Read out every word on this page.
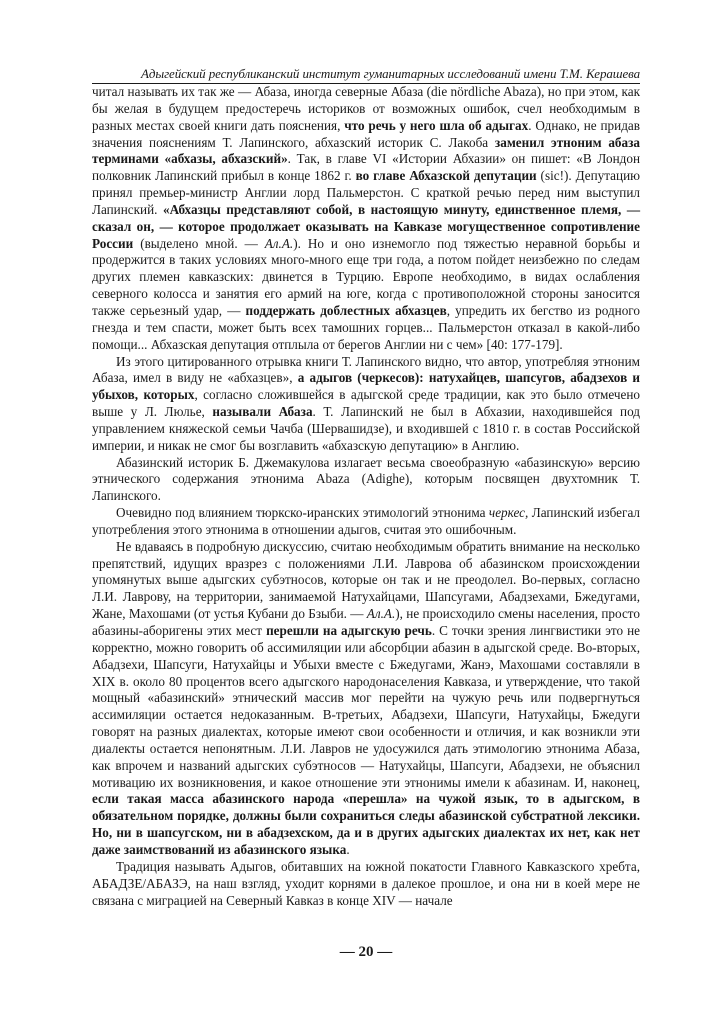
Адыгейский республиканский институт гуманитарных исследований имени Т.М. Керашева

читал называть их так же — Абаза, иногда северные Абаза (die nördliche Abaza), но при этом, как бы желая в будущем предостеречь историков от возможных ошибок, счел необходимым в разных местах своей книги дать пояснения, что речь у него шла об адыгах. Однако, не придав значения пояснениям Т. Лапинского, абхазский историк С. Лакоба заменил этноним абаза терминами «абхазы, абхазский». Так, в главе VI «Истории Абхазии» он пишет: «В Лондон полковник Лапинский прибыл в конце 1862 г. во главе Абхазской депутации (sic!). Депутацию принял премьер-министр Англии лорд Пальмерстон. С краткой речью перед ним выступил Лапинский. «Абхазцы представляют собой, в настоящую минуту, единственное племя, — сказал он, — которое продолжает оказывать на Кавказе могущественное сопротивление России (выделено мной. — Ал.А.). Но и оно изнемогло под тяжестью неравной борьбы и продержится в таких условиях много-много еще три года, а потом пойдет неизбежно по следам других племен кавказских: двинется в Турцию. Европе необходимо, в видах ослабления северного колосса и занятия его армий на юге, когда с противоположной стороны заносится также серьезный удар, — поддержать доблестных абхазцев, упредить их бегство из родного гнезда и тем спасти, может быть всех тамошних горцев... Пальмерстон отказал в какой-либо помощи... Абхазская депутация отплыла от берегов Англии ни с чем» [40: 177-179].

Из этого цитированного отрывка книги Т. Лапинского видно, что автор, употребляя этноним Абаза, имел в виду не «абхазцев», а адыгов (черкесов): натухайцев, шапсугов, абадзехов и убыхов, которых, согласно сложившейся в адыгской среде традиции, как это было отмечено выше у Л. Люлье, называли Абаза. Т. Лапинский не был в Абхазии, находившейся под управлением княжеской семьи Чачба (Шервашидзе), и входившей с 1810 г. в состав Российской империи, и никак не смог бы возглавить «абхазскую депутацию» в Англию.

Абазинский историк Б. Джемакулова излагает весьма своеобразную «абазинскую» версию этнического содержания этнонима Abaza (Adighe), которым посвящен двухтомник Т. Лапинского.

Очевидно под влиянием тюркско-иранских этимологий этнонима черкес, Лапинский избегал употребления этого этнонима в отношении адыгов, считая это ошибочным.

Не вдаваясь в подробную дискуссию, считаю необходимым обратить внимание на несколько препятствий, идущих вразрез с положениями Л.И. Лаврова об абазинском происхождении упомянутых выше адыгских субэтносов, которые он так и не преодолел. Во-первых, согласно Л.И. Лаврову, на территории, занимаемой Натухайцами, Шапсугами, Абадзехами, Бжедугами, Жане, Махошами (от устья Кубани до Бзыби. — Ал.А.), не происходило смены населения, просто абазины-аборигены этих мест перешли на адыгскую речь. С точки зрения лингвистики это не корректно, можно говорить об ассимиляции или абсорбции абазин в адыгской среде. Во-вторых, Абадзехи, Шапсуги, Натухайцы и Убыхи вместе с Бжедугами, Жанэ, Махошами составляли в XIX в. около 80 процентов всего адыгского народонаселения Кавказа, и утверждение, что такой мощный «абазинский» этнический массив мог перейти на чужую речь или подвергнуться ассимиляции остается недоказанным. В-третьих, Абадзехи, Шапсуги, Натухайцы, Бжедуги говорят на разных диалектах, которые имеют свои особенности и отличия, и как возникли эти диалекты остается непонятным. Л.И. Лавров не удосужился дать этимологию этнонима Абаза, как впрочем и названий адыгских субэтносов — Натухайцы, Шапсуги, Абадзехи, не объяснил мотивацию их возникновения, и какое отношение эти этнонимы имели к абазинам. И, наконец, если такая масса абазинского народа «перешла» на чужой язык, то в адыгском, в обязательном порядке, должны были сохраниться следы абазинской субстратной лексики. Но, ни в шапсугском, ни в абадзехском, да и в других адыгских диалектах их нет, как нет даже заимствований из абазинского языка.

Традиция называть Адыгов, обитавших на южной покатости Главного Кавказского хребта, АБАДЗЕ/АБАЗЭ, на наш взгляд, уходит корнями в далекое прошлое, и она ни в коей мере не связана с миграцией на Северный Кавказ в конце XIV — начале

— 20 —
